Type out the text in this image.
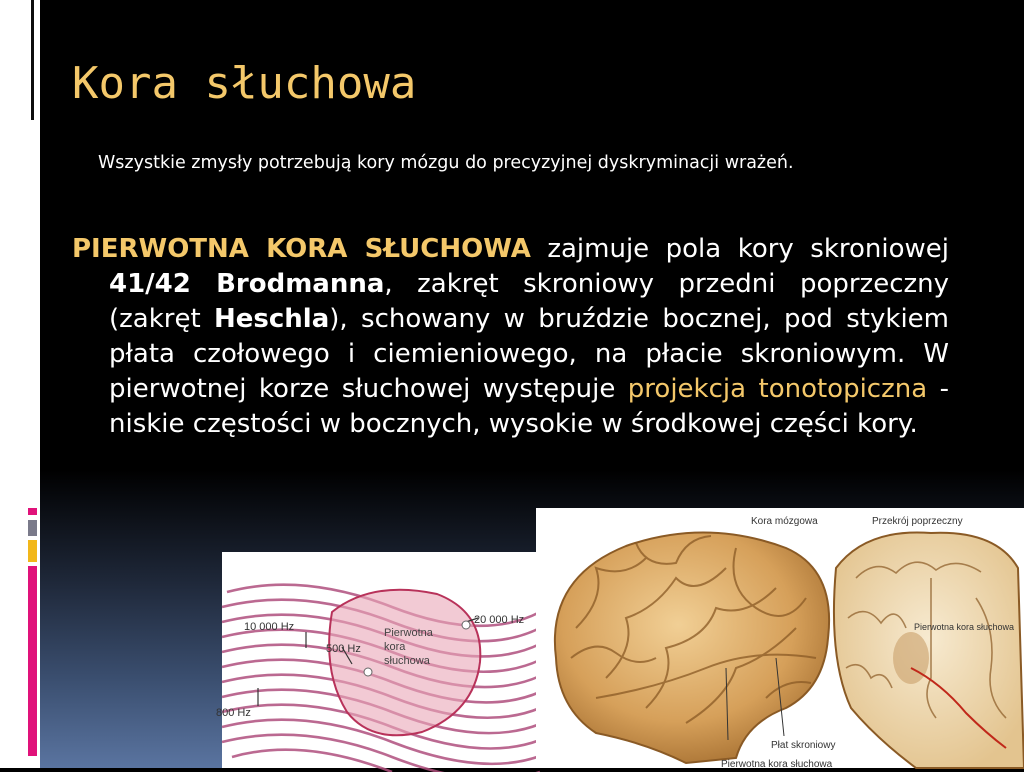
Kora słuchowa

Wszystkie zmysły potrzebują kory mózgu do precyzyjnej dyskryminacji wrażeń.

PIERWOTNA KORA SŁUCHOWA zajmuje pola kory skroniowej 41/42 Brodmanna, zakręt skroniowy przedni poprzeczny (zakręt Heschla), schowany w bruździe bocznej, pod stykiem płata czołowego i ciemieniowego, na płacie skroniowym. W pierwotnej korze słuchowej występuje projekcja tonotopiczna - niskie częstości w bocznych, wysokie w środkowej części kory.

10 000 Hz
500 Hz
20 000 Hz
800 Hz
Pierwotna
kora
słuchowa
Kora mózgowa
Płat skroniowy
Pierwotna kora słuchowa
Przekrój poprzeczny
Pierwotna kora słuchowa
